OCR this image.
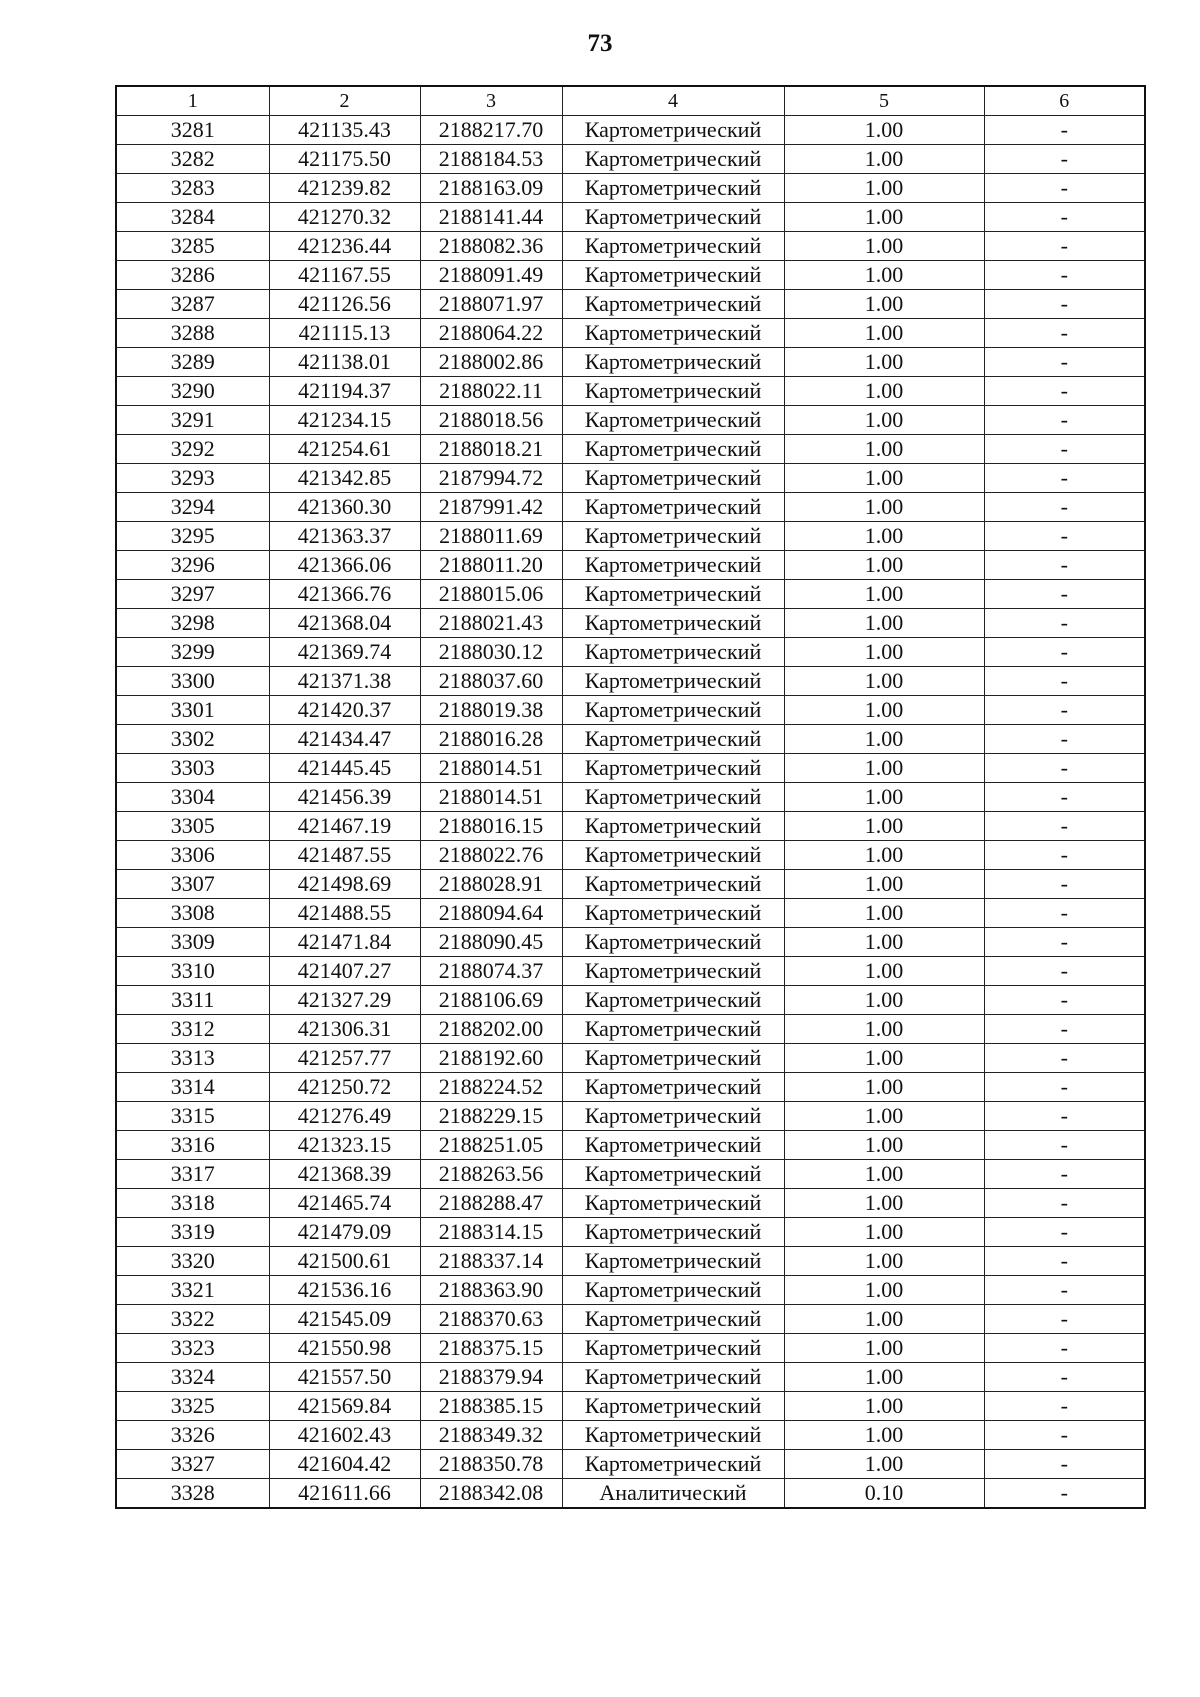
73
1	2	3	4	5	6
3281	421135.43	2188217.70	Картометрический	1.00	-
3282	421175.50	2188184.53	Картометрический	1.00	-
3283	421239.82	2188163.09	Картометрический	1.00	-
3284	421270.32	2188141.44	Картометрический	1.00	-
3285	421236.44	2188082.36	Картометрический	1.00	-
3286	421167.55	2188091.49	Картометрический	1.00	-
3287	421126.56	2188071.97	Картометрический	1.00	-
3288	421115.13	2188064.22	Картометрический	1.00	-
3289	421138.01	2188002.86	Картометрический	1.00	-
3290	421194.37	2188022.11	Картометрический	1.00	-
3291	421234.15	2188018.56	Картометрический	1.00	-
3292	421254.61	2188018.21	Картометрический	1.00	-
3293	421342.85	2187994.72	Картометрический	1.00	-
3294	421360.30	2187991.42	Картометрический	1.00	-
3295	421363.37	2188011.69	Картометрический	1.00	-
3296	421366.06	2188011.20	Картометрический	1.00	-
3297	421366.76	2188015.06	Картометрический	1.00	-
3298	421368.04	2188021.43	Картометрический	1.00	-
3299	421369.74	2188030.12	Картометрический	1.00	-
3300	421371.38	2188037.60	Картометрический	1.00	-
3301	421420.37	2188019.38	Картометрический	1.00	-
3302	421434.47	2188016.28	Картометрический	1.00	-
3303	421445.45	2188014.51	Картометрический	1.00	-
3304	421456.39	2188014.51	Картометрический	1.00	-
3305	421467.19	2188016.15	Картометрический	1.00	-
3306	421487.55	2188022.76	Картометрический	1.00	-
3307	421498.69	2188028.91	Картометрический	1.00	-
3308	421488.55	2188094.64	Картометрический	1.00	-
3309	421471.84	2188090.45	Картометрический	1.00	-
3310	421407.27	2188074.37	Картометрический	1.00	-
3311	421327.29	2188106.69	Картометрический	1.00	-
3312	421306.31	2188202.00	Картометрический	1.00	-
3313	421257.77	2188192.60	Картометрический	1.00	-
3314	421250.72	2188224.52	Картометрический	1.00	-
3315	421276.49	2188229.15	Картометрический	1.00	-
3316	421323.15	2188251.05	Картометрический	1.00	-
3317	421368.39	2188263.56	Картометрический	1.00	-
3318	421465.74	2188288.47	Картометрический	1.00	-
3319	421479.09	2188314.15	Картометрический	1.00	-
3320	421500.61	2188337.14	Картометрический	1.00	-
3321	421536.16	2188363.90	Картометрический	1.00	-
3322	421545.09	2188370.63	Картометрический	1.00	-
3323	421550.98	2188375.15	Картометрический	1.00	-
3324	421557.50	2188379.94	Картометрический	1.00	-
3325	421569.84	2188385.15	Картометрический	1.00	-
3326	421602.43	2188349.32	Картометрический	1.00	-
3327	421604.42	2188350.78	Картометрический	1.00	-
3328	421611.66	2188342.08	Аналитический	0.10	-
